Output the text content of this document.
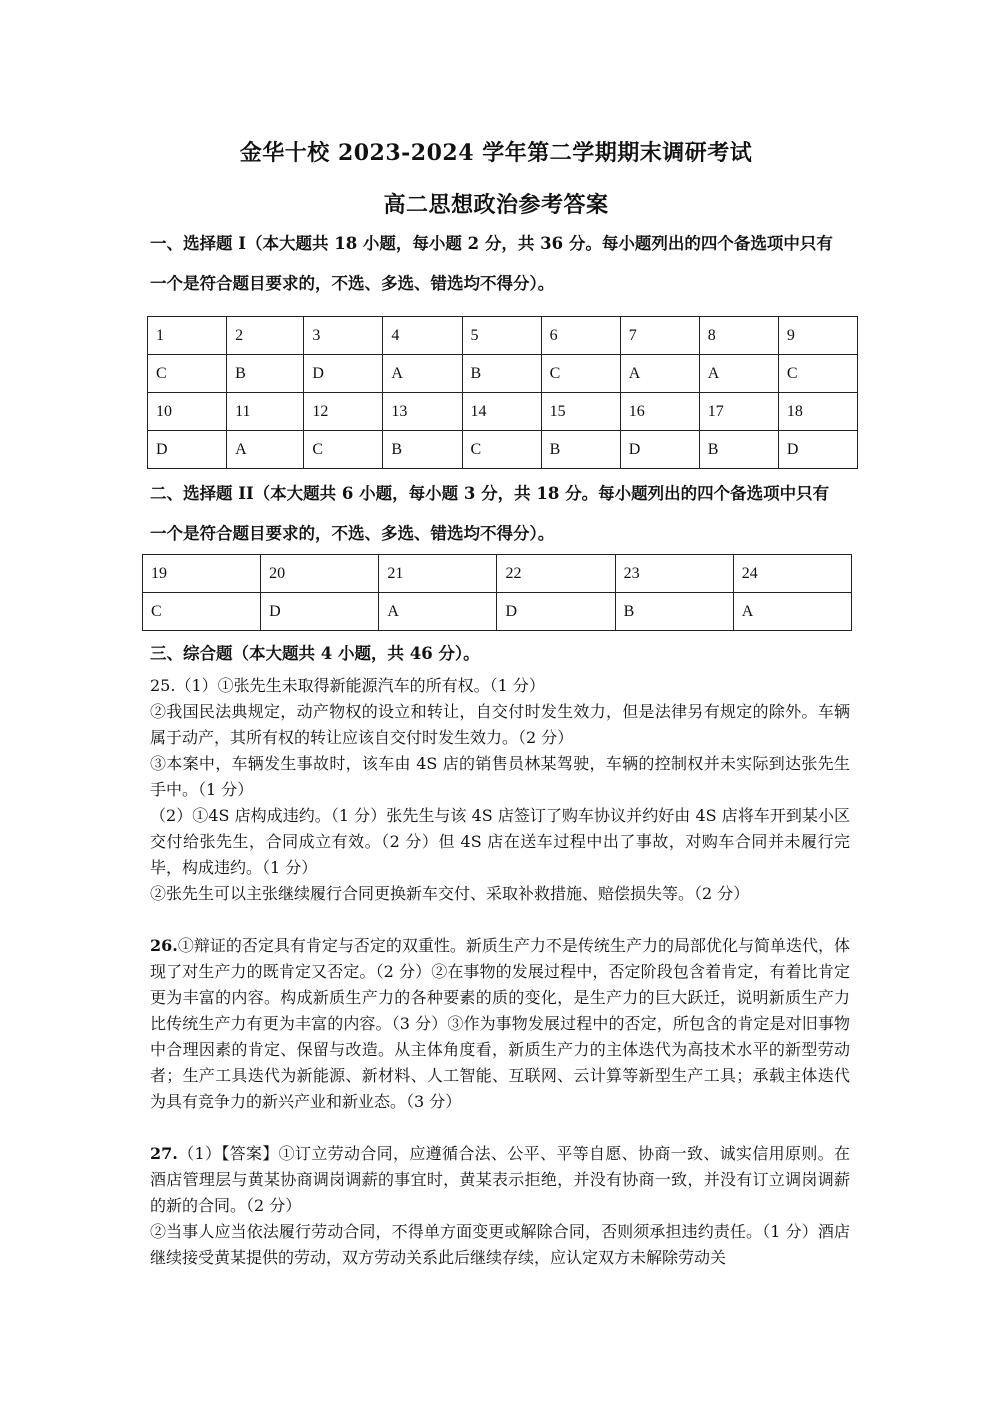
金华十校 2023-2024 学年第二学期期末调研考试
高二思想政治参考答案
一、选择题 I（本大题共 18 小题，每小题 2 分，共 36 分。每小题列出的四个备选项中只有
一个是符合题目要求的，不选、多选、错选均不得分）。
1	2	3	4	5	6	7	8	9
C	B	D	A	B	C	A	A	C
10	11	12	13	14	15	16	17	18
D	A	C	B	C	B	D	B	D
二、选择题 II（本大题共 6 小题，每小题 3 分，共 18 分。每小题列出的四个备选项中只有
一个是符合题目要求的，不选、多选、错选均不得分）。
19	20	21	22	23	24
C	D	A	D	B	A
三、综合题（本大题共 4 小题，共 46 分）。

25.（1）①张先生未取得新能源汽车的所有权。（1 分）

②我国民法典规定，动产物权的设立和转让，自交付时发生效力，但是法律另有规定的除外。车辆属于动产，其所有权的转让应该自交付时发生效力。（2 分）

③本案中，车辆发生事故时，该车由 4S 店的销售员林某驾驶，车辆的控制权并未实际到达张先生手中。（1 分）

（2）①4S 店构成违约。（1 分）张先生与该 4S 店签订了购车协议并约好由 4S 店将车开到某小区交付给张先生，合同成立有效。（2 分）但 4S 店在送车过程中出了事故，对购车合同并未履行完毕，构成违约。（1 分）

②张先生可以主张继续履行合同更换新车交付、采取补救措施、赔偿损失等。（2 分）

26.①辩证的否定具有肯定与否定的双重性。新质生产力不是传统生产力的局部优化与简单迭代，体现了对生产力的既肯定又否定。（2 分）②在事物的发展过程中，否定阶段包含着肯定，有着比肯定更为丰富的内容。构成新质生产力的各种要素的质的变化，是生产力的巨大跃迁，说明新质生产力比传统生产力有更为丰富的内容。（3 分）③作为事物发展过程中的否定，所包含的肯定是对旧事物中合理因素的肯定、保留与改造。从主体角度看，新质生产力的主体迭代为高技术水平的新型劳动者；生产工具迭代为新能源、新材料、人工智能、互联网、云计算等新型生产工具；承载主体迭代为具有竞争力的新兴产业和新业态。（3 分）

27.（1）【答案】①订立劳动合同，应遵循合法、公平、平等自愿、协商一致、诚实信用原则。在酒店管理层与黄某协商调岗调薪的事宜时，黄某表示拒绝，并没有协商一致，并没有订立调岗调薪的新的合同。（2 分）

②当事人应当依法履行劳动合同，不得单方面变更或解除合同，否则须承担违约责任。（1 分）酒店继续接受黄某提供的劳动，双方劳动关系此后继续存续，应认定双方未解除劳动关
